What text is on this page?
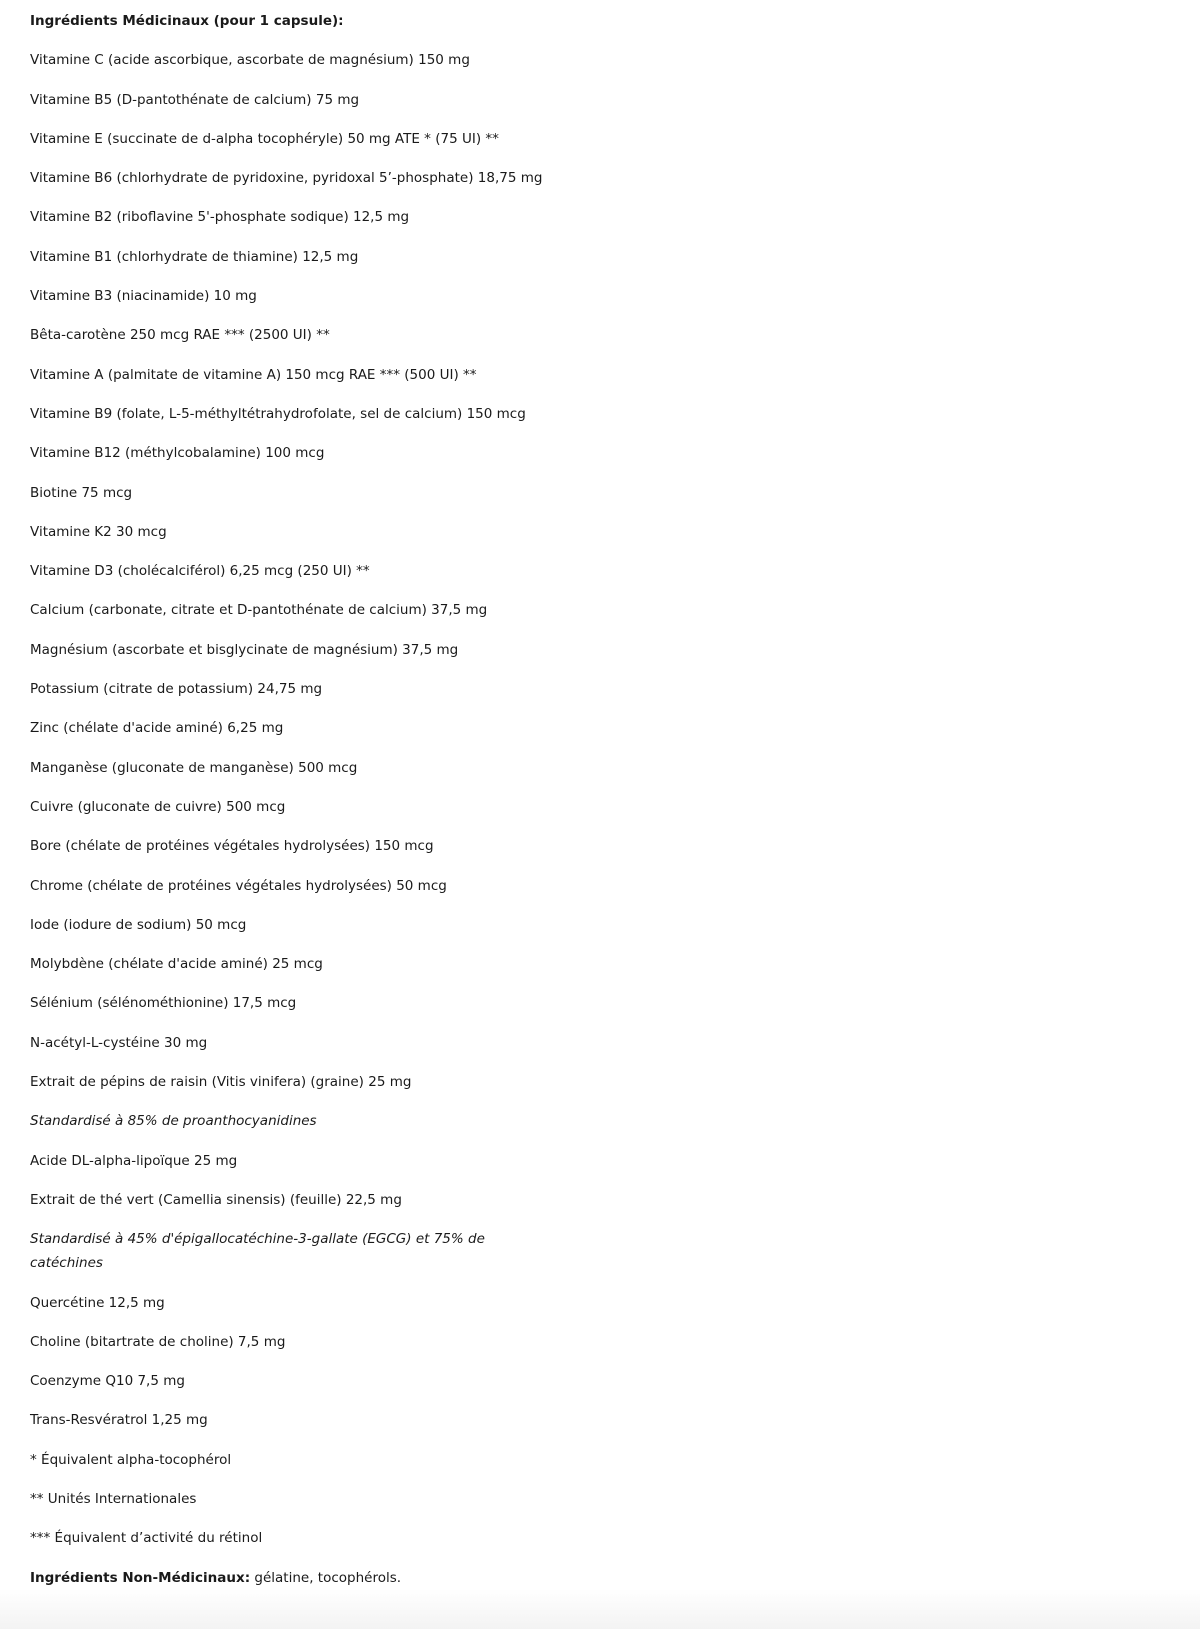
Ingrédients Médicinaux (pour 1 capsule):
Vitamine C (acide ascorbique, ascorbate de magnésium) 150 mg
Vitamine B5 (D-pantothénate de calcium) 75 mg
Vitamine E (succinate de d-alpha tocophéryle) 50 mg ATE * (75 UI) **
Vitamine B6 (chlorhydrate de pyridoxine, pyridoxal 5’-phosphate) 18,75 mg
Vitamine B2 (riboflavine 5'-phosphate sodique) 12,5 mg
Vitamine B1 (chlorhydrate de thiamine) 12,5 mg
Vitamine B3 (niacinamide) 10 mg
Bêta-carotène 250 mcg RAE *** (2500 UI) **
Vitamine A (palmitate de vitamine A) 150 mcg RAE *** (500 UI) **
Vitamine B9 (folate, L-5-méthyltétrahydrofolate, sel de calcium) 150 mcg
Vitamine B12 (méthylcobalamine) 100 mcg
Biotine 75 mcg
Vitamine K2 30 mcg
Vitamine D3 (cholécalciférol) 6,25 mcg (250 UI) **
Calcium (carbonate, citrate et D-pantothénate de calcium) 37,5 mg
Magnésium (ascorbate et bisglycinate de magnésium) 37,5 mg
Potassium (citrate de potassium) 24,75 mg
Zinc (chélate d'acide aminé) 6,25 mg
Manganèse (gluconate de manganèse) 500 mcg
Cuivre (gluconate de cuivre) 500 mcg
Bore (chélate de protéines végétales hydrolysées) 150 mcg
Chrome (chélate de protéines végétales hydrolysées) 50 mcg
Iode (iodure de sodium) 50 mcg
Molybdène (chélate d'acide aminé) 25 mcg
Sélénium (sélénométhionine) 17,5 mcg
N-acétyl-L-cystéine 30 mg
Extrait de pépins de raisin (Vitis vinifera) (graine) 25 mg
Standardisé à 85% de proanthocyanidines
Acide DL-alpha-lipoïque 25 mg
Extrait de thé vert (Camellia sinensis) (feuille) 22,5 mg
Standardisé à 45% d'épigallocatéchine-3-gallate (EGCG) et 75% de catéchines
Quercétine 12,5 mg
Choline (bitartrate de choline) 7,5 mg
Coenzyme Q10 7,5 mg
Trans-Resvératrol 1,25 mg
* Équivalent alpha-tocophérol
** Unités Internationales
*** Équivalent d’activité du rétinol
Ingrédients Non-Médicinaux: gélatine, tocophérols.
